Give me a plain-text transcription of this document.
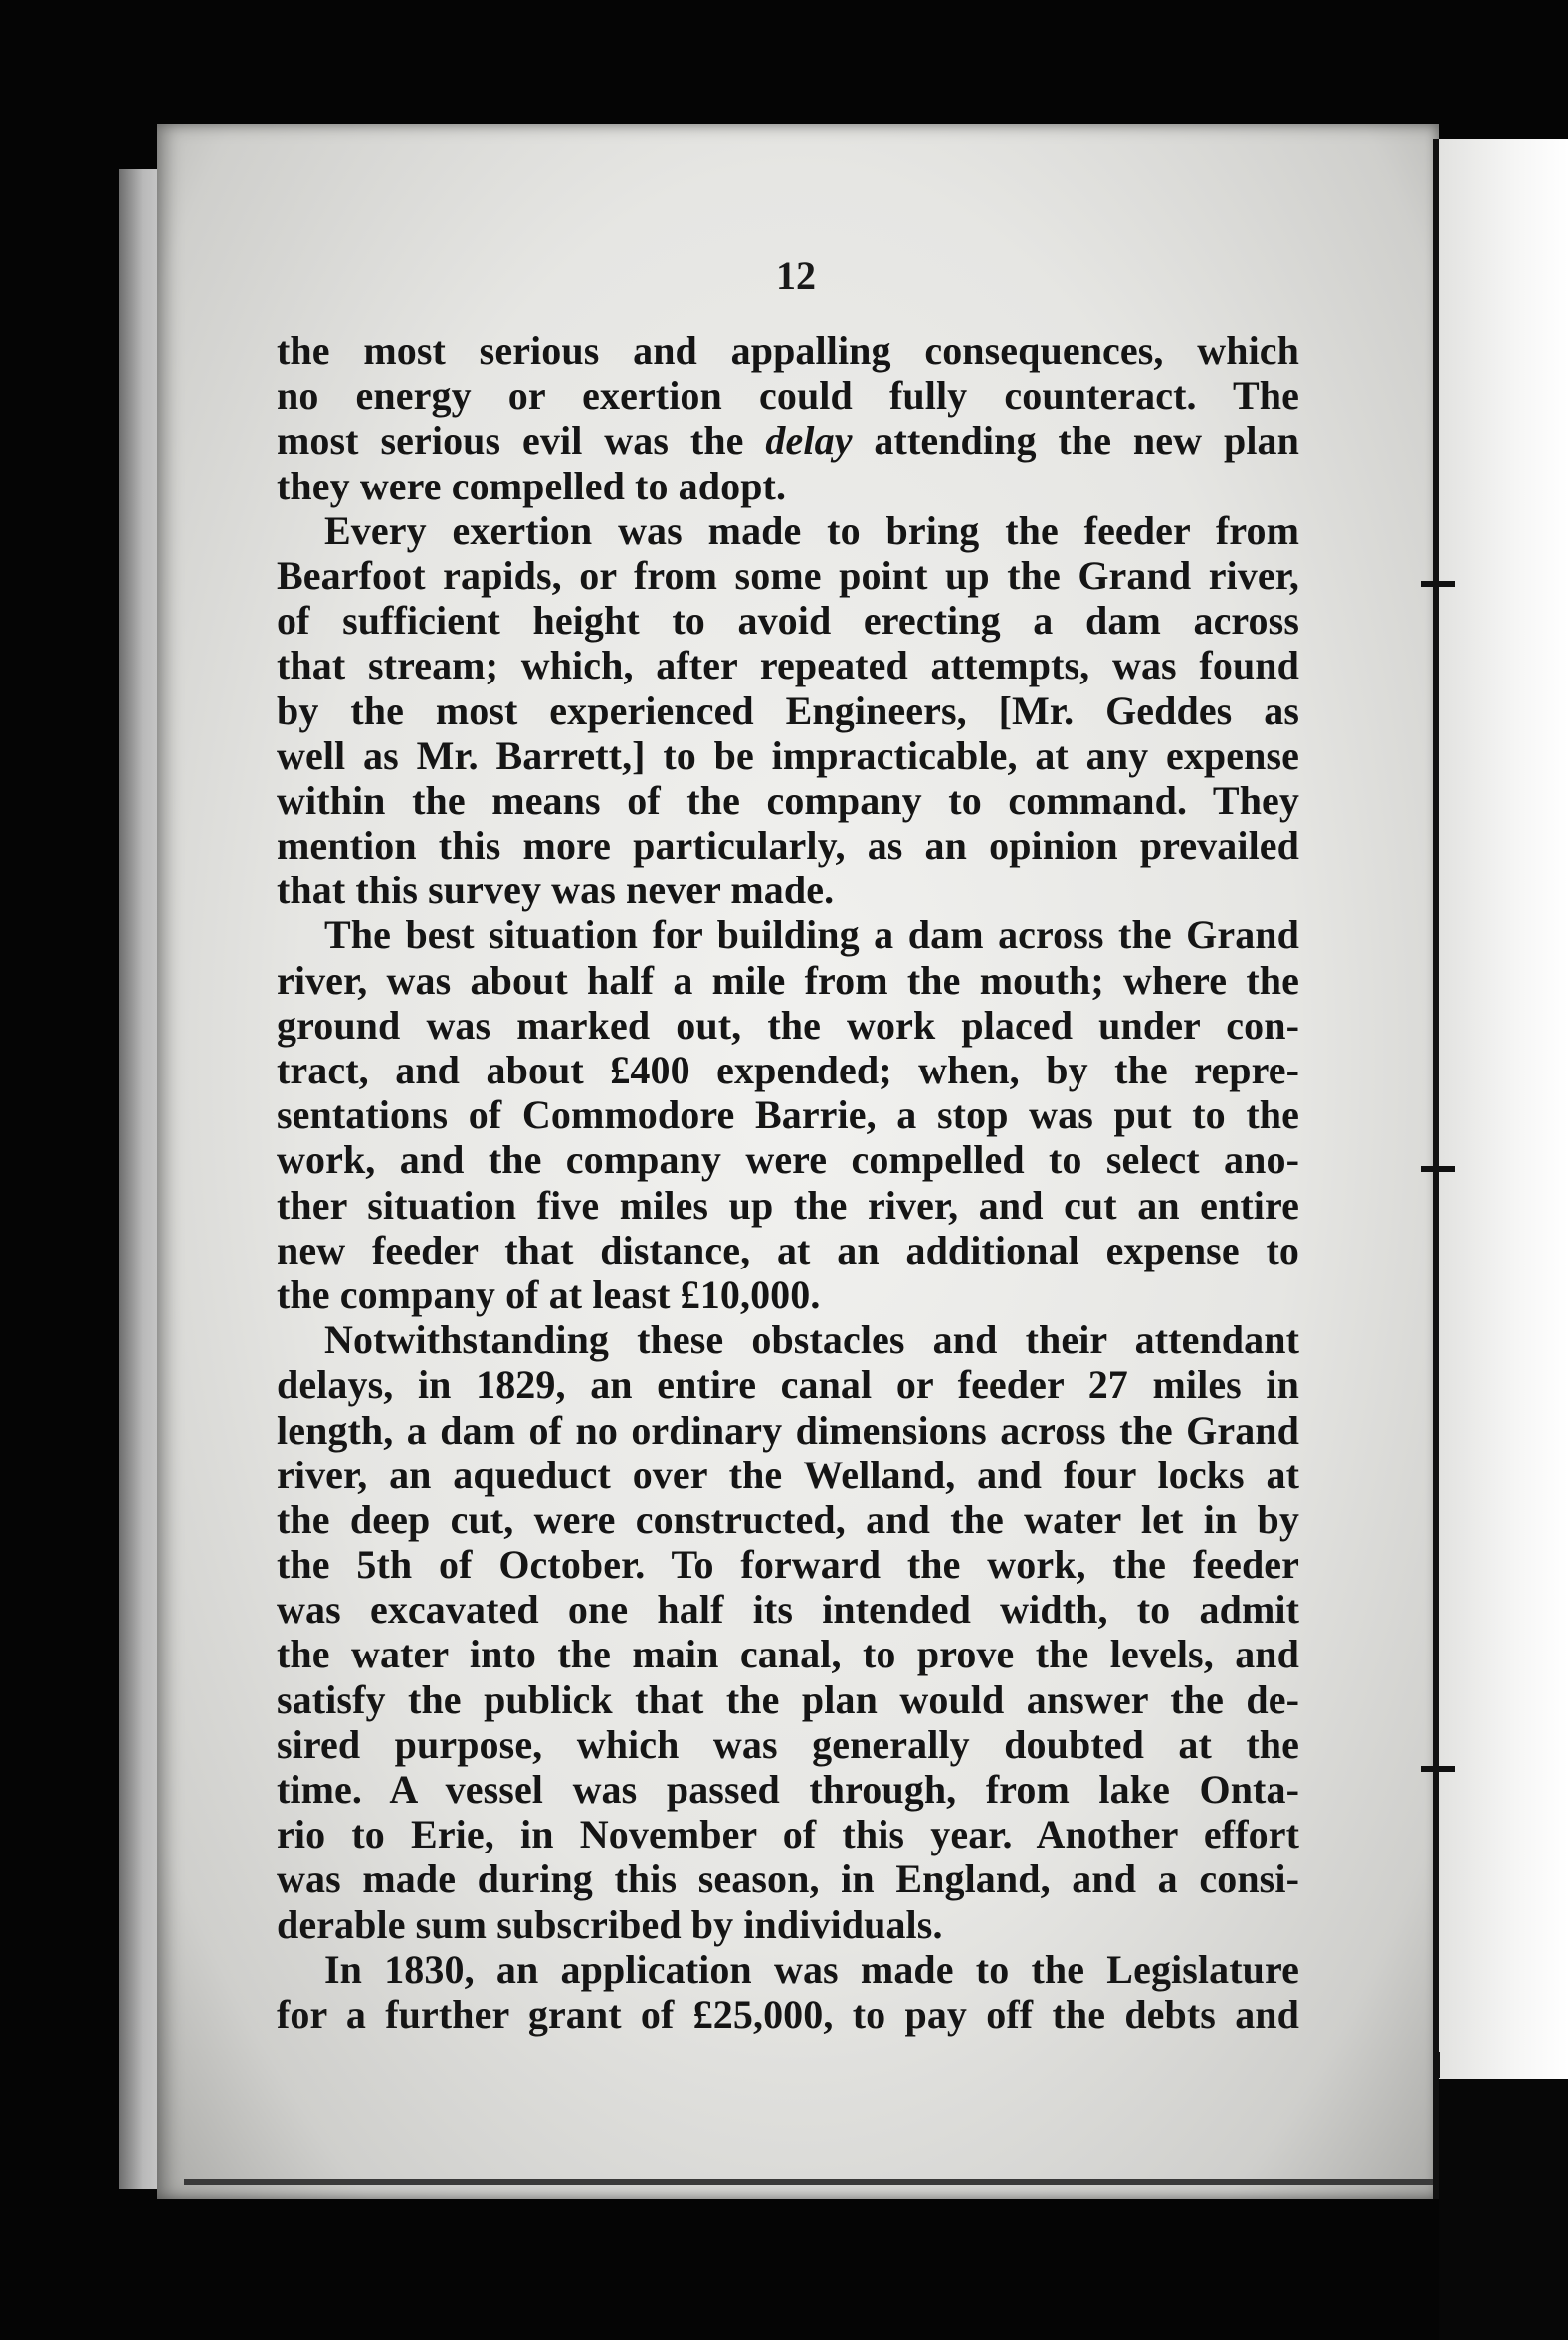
12
the most serious and appalling consequences, which
no energy or exertion could fully counteract. The
most serious evil was the delay attending the new plan
they were compelled to adopt.
Every exertion was made to bring the feeder from
Bearfoot rapids, or from some point up the Grand river,
of sufficient height to avoid erecting a dam across
that stream; which, after repeated attempts, was found
by the most experienced Engineers, [Mr. Geddes as
well as Mr. Barrett,] to be impracticable, at any expense
within the means of the company to command. They
mention this more particularly, as an opinion prevailed
that this survey was never made.
The best situation for building a dam across the Grand
river, was about half a mile from the mouth; where the
ground was marked out, the work placed under con-
tract, and about £400 expended; when, by the repre-
sentations of Commodore Barrie, a stop was put to the
work, and the company were compelled to select ano-
ther situation five miles up the river, and cut an entire
new feeder that distance, at an additional expense to
the company of at least £10,000.
Notwithstanding these obstacles and their attendant
delays, in 1829, an entire canal or feeder 27 miles in
length, a dam of no ordinary dimensions across the Grand
river, an aqueduct over the Welland, and four locks at
the deep cut, were constructed, and the water let in by
the 5th of October. To forward the work, the feeder
was excavated one half its intended width, to admit
the water into the main canal, to prove the levels, and
satisfy the publick that the plan would answer the de-
sired purpose, which was generally doubted at the
time. A vessel was passed through, from lake Onta-
rio to Erie, in November of this year. Another effort
was made during this season, in England, and a consi-
derable sum subscribed by individuals.
In 1830, an application was made to the Legislature
for a further grant of £25,000, to pay off the debts and
